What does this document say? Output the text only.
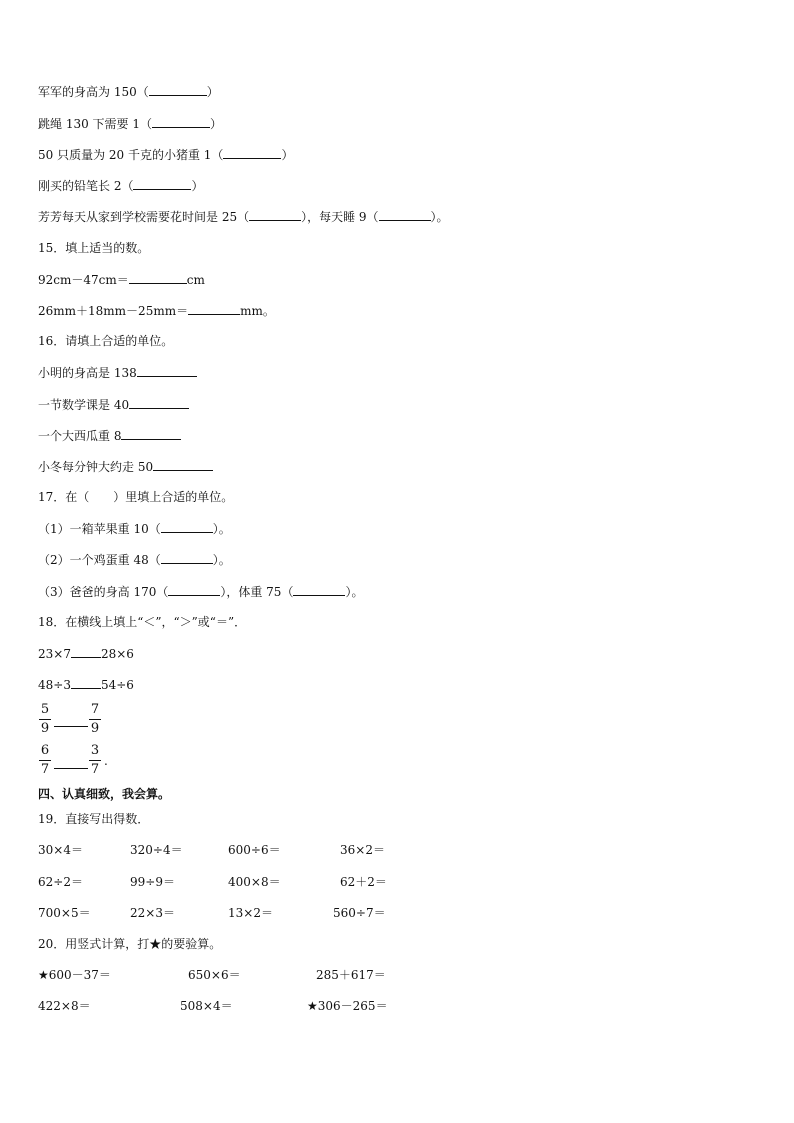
军军的身高为 150（	）
跳绳 130 下需要 1（	）
50 只质量为 20 千克的小猪重 1（	）
刚买的铅笔长 2（	）
芳芳每天从家到学校需要花时间是 25（	），每天睡 9（	）。
15．填上适当的数。
92cm－47cm＝	cm
26mm＋18mm－25mm＝	mm。
16．请填上合适的单位。
小明的身高是 138
一节数学课是 40
一个大西瓜重 8
小冬每分钟大约走 50
17．在（　　）里填上合适的单位。
（1）一箱苹果重 10（	）。
（2）一个鸡蛋重 48（	）。
（3）爸爸的身高 170（	），体重 75（	）。
18．在横线上填上“＜”，“＞”或“＝”．
23×7	28×6
48÷3	54÷6
5
9
7
9
6
7
3
7
.
四、认真细致，我会算。
19．直接写出得数．
30×4＝	320÷4＝	600÷6＝	36×2＝
62÷2＝	99÷9＝	400×8＝	62＋2＝
700×5＝	22×3＝	13×2＝	560÷7＝
20．用竖式计算，打★的要验算。
★600－37＝	650×6＝	285＋617＝
422×8＝	508×4＝	★306－265＝
